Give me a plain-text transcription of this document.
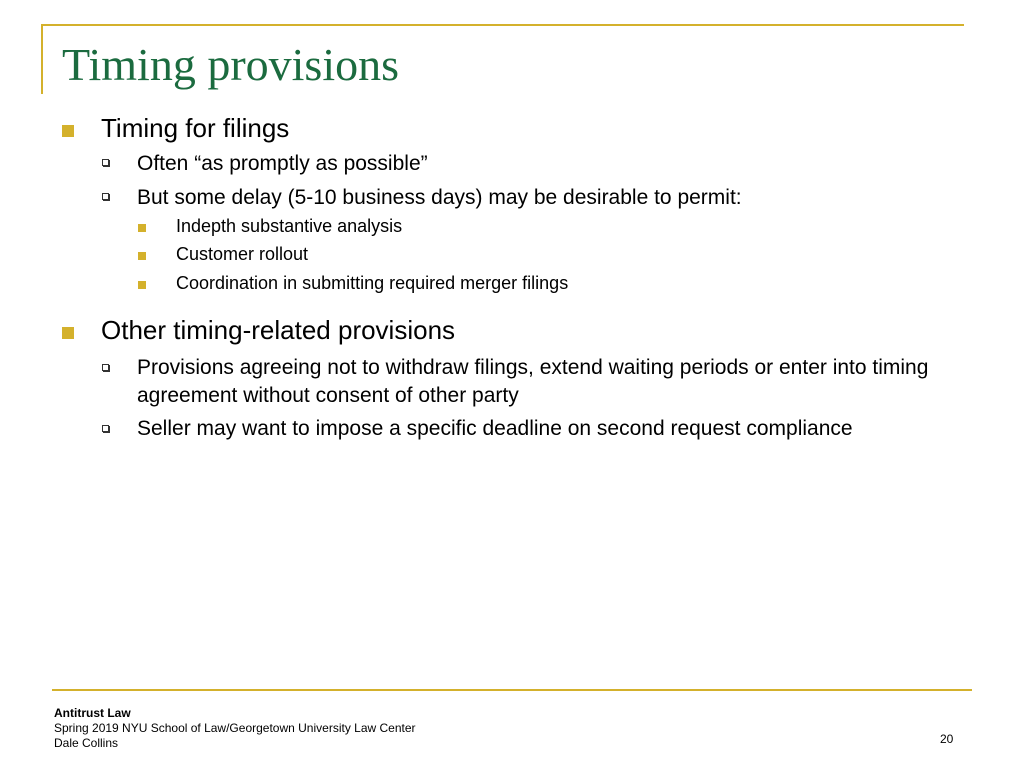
Timing provisions
Timing for filings
Often “as promptly as possible”
But some delay (5-10 business days) may be desirable to permit:
Indepth substantive analysis
Customer rollout
Coordination in submitting required merger filings
Other timing-related provisions
Provisions agreeing not to withdraw filings, extend waiting periods or enter into timing agreement without consent of other party
Seller may want to impose a specific deadline on second request compliance
Antitrust Law
Spring 2019 NYU School of Law/Georgetown University Law Center
Dale Collins	20
